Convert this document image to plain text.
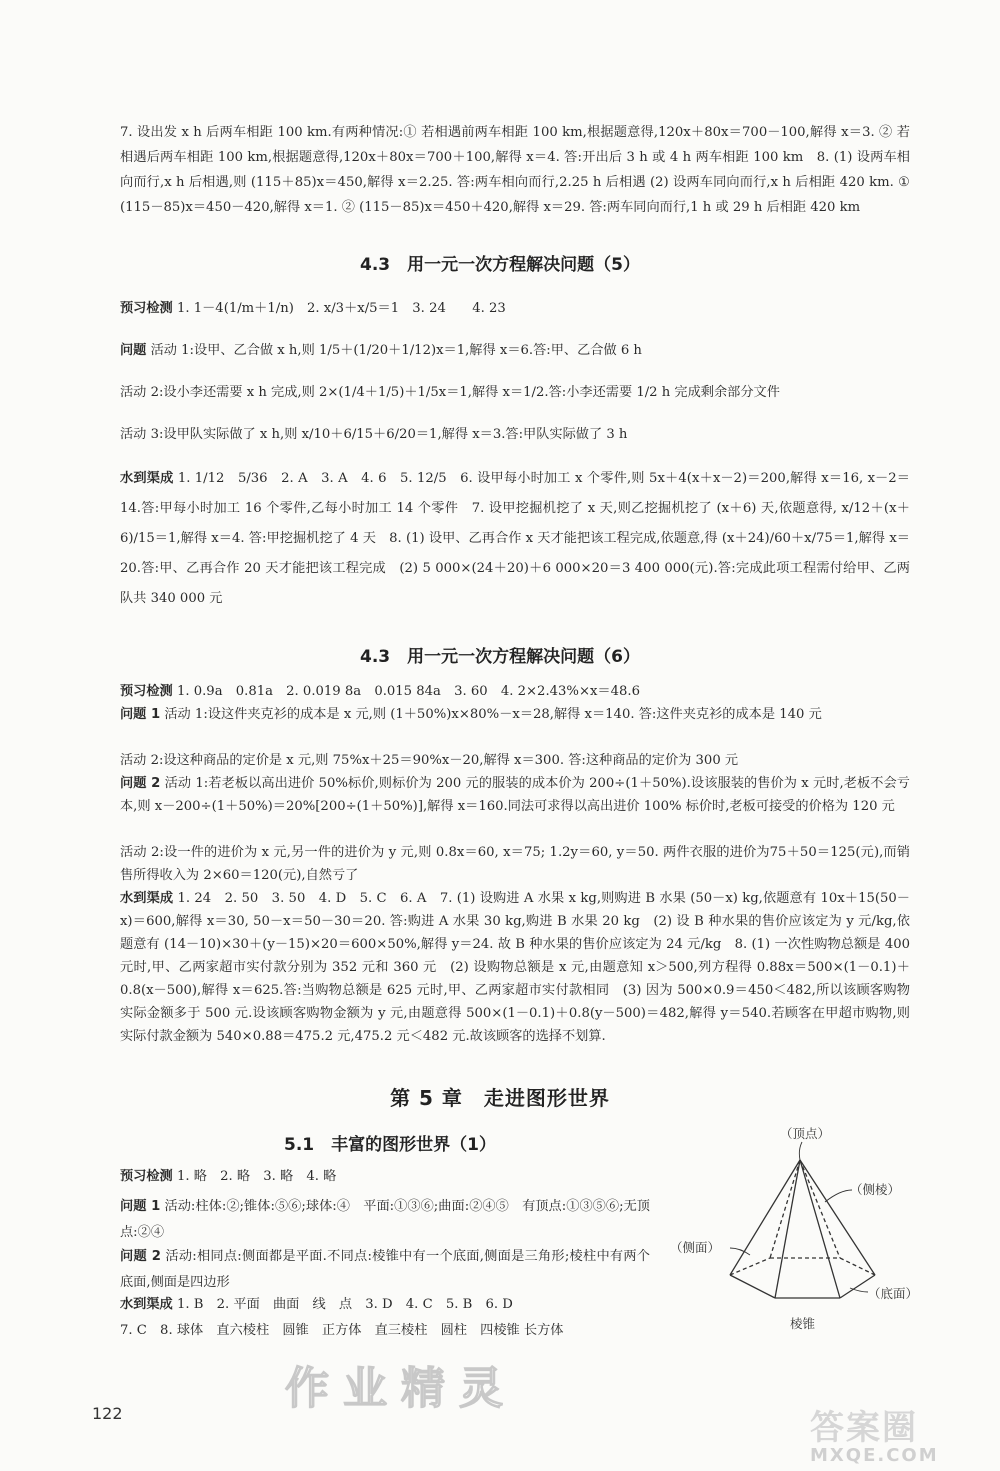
7. 设出发 x h 后两车相距 100 km.有两种情况:① 若相遇前两车相距 100 km,根据题意得,120x＋80x＝700－100,解得 x＝3. ② 若相遇后两车相距 100 km,根据题意得,120x＋80x＝700＋100,解得 x＝4. 答:开出后 3 h 或 4 h 两车相距 100 km　8. (1) 设两车相向而行,x h 后相遇,则 (115＋85)x＝450,解得 x＝2.25. 答:两车相向而行,2.25 h 后相遇 (2) 设两车同向而行,x h 后相距 420 km. ① (115－85)x＝450－420,解得 x＝1. ② (115－85)x＝450＋420,解得 x＝29. 答:两车同向而行,1 h 或 29 h 后相距 420 km

4.3　用一元一次方程解决问题（5）

预习检测 1. 1－4(1/m＋1/n)　2. x/3＋x/5＝1　3. 24　　4. 23

问题 活动 1:设甲、乙合做 x h,则 1/5＋(1/20＋1/12)x＝1,解得 x＝6.答:甲、乙合做 6 h

活动 2:设小李还需要 x h 完成,则 2×(1/4＋1/5)＋1/5x＝1,解得 x＝1/2.答:小李还需要 1/2 h 完成剩余部分文件

活动 3:设甲队实际做了 x h,则 x/10＋6/15＋6/20＝1,解得 x＝3.答:甲队实际做了 3 h

水到渠成 1. 1/12　5/36　2. A　3. A　4. 6　5. 12/5　6. 设甲每小时加工 x 个零件,则 5x＋4(x＋x－2)＝200,解得 x＝16, x－2＝14.答:甲每小时加工 16 个零件,乙每小时加工 14 个零件　7. 设甲挖掘机挖了 x 天,则乙挖掘机挖了 (x＋6) 天,依题意得, x/12＋(x＋6)/15＝1,解得 x＝4. 答:甲挖掘机挖了 4 天　8. (1) 设甲、乙再合作 x 天才能把该工程完成,依题意,得 (x＋24)/60＋x/75＝1,解得 x＝20.答:甲、乙再合作 20 天才能把该工程完成　(2) 5 000×(24＋20)＋6 000×20＝3 400 000(元).答:完成此项工程需付给甲、乙两队共 340 000 元

4.3　用一元一次方程解决问题（6）

预习检测 1. 0.9a　0.81a　2. 0.019 8a　0.015 84a　3. 60　4. 2×2.43%×x＝48.6

问题 1 活动 1:设这件夹克衫的成本是 x 元,则 (1＋50%)x×80%－x＝28,解得 x＝140. 答:这件夹克衫的成本是 140 元

活动 2:设这种商品的定价是 x 元,则 75%x＋25＝90%x－20,解得 x＝300. 答:这种商品的定价为 300 元

问题 2 活动 1:若老板以高出进价 50%标价,则标价为 200 元的服装的成本价为 200÷(1＋50%).设该服装的售价为 x 元时,老板不会亏本,则 x－200÷(1＋50%)＝20%[200÷(1＋50%)],解得 x＝160.同法可求得以高出进价 100% 标价时,老板可接受的价格为 120 元

活动 2:设一件的进价为 x 元,另一件的进价为 y 元,则 0.8x＝60, x＝75; 1.2y＝60, y＝50. 两件衣服的进价为75＋50＝125(元),而销售所得收入为 2×60＝120(元),自然亏了

水到渠成 1. 24　2. 50　3. 50　4. D　5. C　6. A　7. (1) 设购进 A 水果 x kg,则购进 B 水果 (50－x) kg,依题意有 10x＋15(50－x)＝600,解得 x＝30, 50－x＝50－30＝20. 答:购进 A 水果 30 kg,购进 B 水果 20 kg　(2) 设 B 种水果的售价应该定为 y 元/kg,依题意有 (14－10)×30＋(y－15)×20＝600×50%,解得 y＝24. 故 B 种水果的售价应该定为 24 元/kg　8. (1) 一次性购物总额是 400 元时,甲、乙两家超市实付款分别为 352 元和 360 元　(2) 设购物总额是 x 元,由题意知 x＞500,列方程得 0.88x＝500×(1－0.1)＋0.8(x－500),解得 x＝625.答:当购物总额是 625 元时,甲、乙两家超市实付款相同　(3) 因为 500×0.9＝450＜482,所以该顾客购物实际金额多于 500 元.设该顾客购物金额为 y 元,由题意得 500×(1－0.1)＋0.8(y－500)＝482,解得 y＝540.若顾客在甲超市购物,则实际付款金额为 540×0.88＝475.2 元,475.2 元＜482 元.故该顾客的选择不划算.

第 5 章　走进图形世界
5.1　丰富的图形世界（1）

预习检测 1. 略　2. 略　3. 略　4. 略

问题 1 活动:柱体:②;锥体:⑤⑥;球体:④　平面:①③⑥;曲面:②④⑤　有顶点:①③⑤⑥;无顶点:②④

问题 2 活动:相同点:侧面都是平面.不同点:棱锥中有一个底面,侧面是三角形;棱柱中有两个底面,侧面是四边形

水到渠成 1. B　2. 平面　曲面　线　点　3. D　4. C　5. B　6. D

7. C　8. 球体　直六棱柱　圆锥　正方体　直三棱柱　圆柱　四棱锥 长方体

（顶点）
（侧棱）
（侧面）
（底面）
棱锥
122	作业精灵
答案圈
MXQE.COM
